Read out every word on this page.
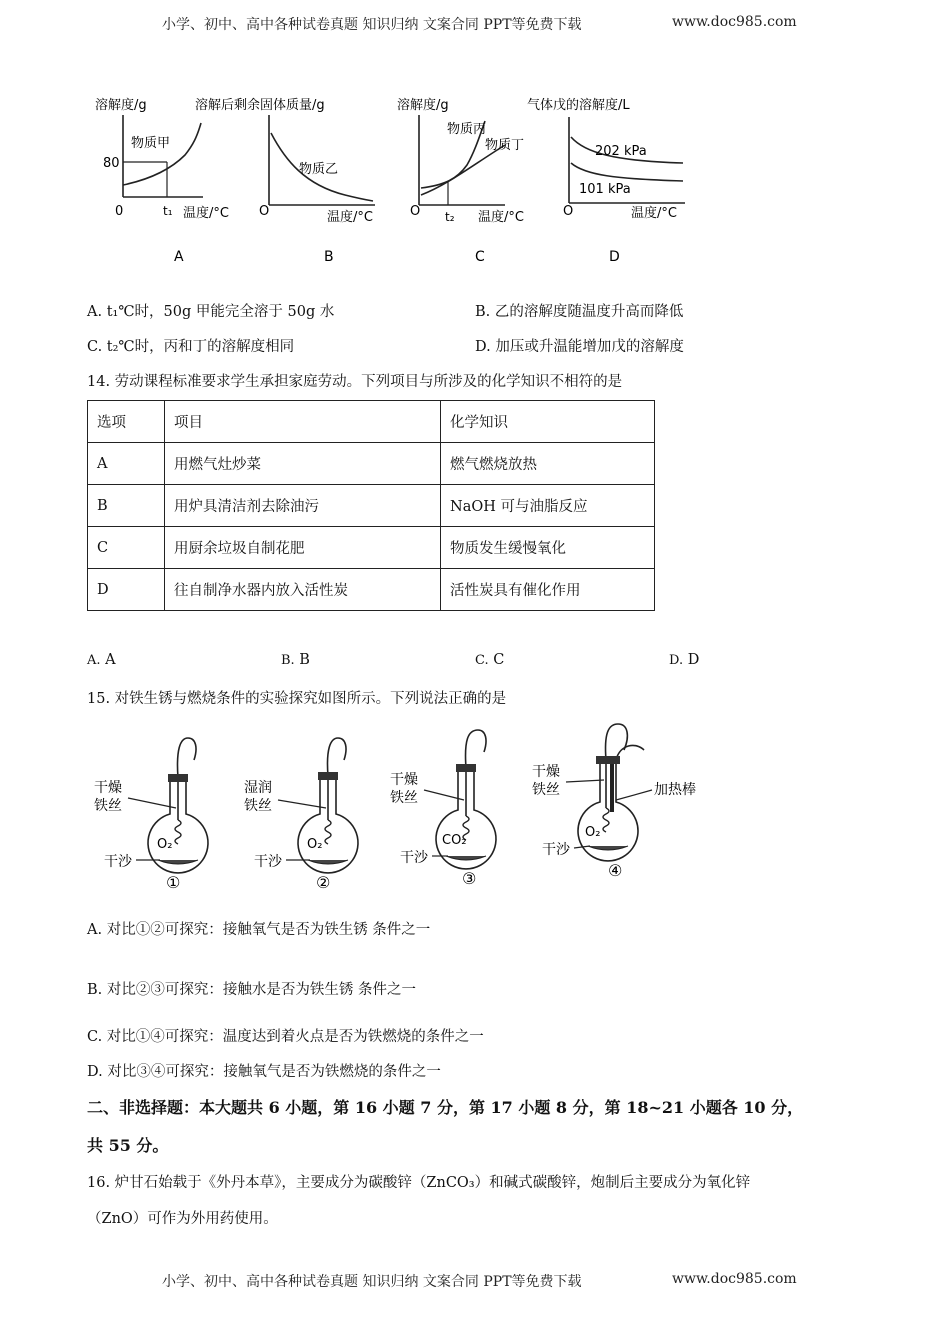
小学、初中、高中各种试卷真题 知识归纳 文案合同 PPT等免费下载	www.doc985.com
溶解度/g
物质甲
80
0	t₁ 温度/°C
A
溶解后剩余固体质量/g
物质乙
O	温度/°C
B
溶解度/g
物质丙
物质丁
O t₂ 温度/°C
C
气体戊的溶解度/L
202 kPa
101 kPa
O	温度/°C
D
A. t₁℃时，50g 甲能完全溶于 50g 水	B. 乙的溶解度随温度升高而降低
C. t₂℃时，丙和丁的溶解度相同	D. 加压或升温能增加戊的溶解度
14. 劳动课程标准要求学生承担家庭劳动。下列项目与所涉及的化学知识不相符的是
选项	项目	化学知识
A	用燃气灶炒菜	燃气燃烧放热
B	用炉具清洁剂去除油污	NaOH 可与油脂反应
C	用厨余垃圾自制花肥	物质发生缓慢氧化
D	往自制净水器内放入活性炭	活性炭具有催化作用
A. A	B. B	C. C	D. D
15. 对铁生锈与燃烧条件的实验探究如图所示。下列说法正确的是
O₂
干燥
铁丝
干沙
①
O₂
湿润
铁丝
干沙
②
CO₂
干燥
铁丝
干沙
③
O₂
干燥
铁丝	加热棒
干沙
④
A. 对比①②可探究：接触氧气是否为铁生锈 条件之一
B. 对比②③可探究：接触水是否为铁生锈 条件之一
C. 对比①④可探究：温度达到着火点是否为铁燃烧的条件之一
D. 对比③④可探究：接触氧气是否为铁燃烧的条件之一
二、非选择题：本大题共 6 小题，第 16 小题 7 分，第 17 小题 8 分，第 18~21 小题各 10 分，
共 55 分。
16. 炉甘石始载于《外丹本草》，主要成分为碳酸锌（ZnCO₃）和碱式碳酸锌，炮制后主要成分为氧化锌
（ZnO）可作为外用药使用。
小学、初中、高中各种试卷真题 知识归纳 文案合同 PPT等免费下载	www.doc985.com
